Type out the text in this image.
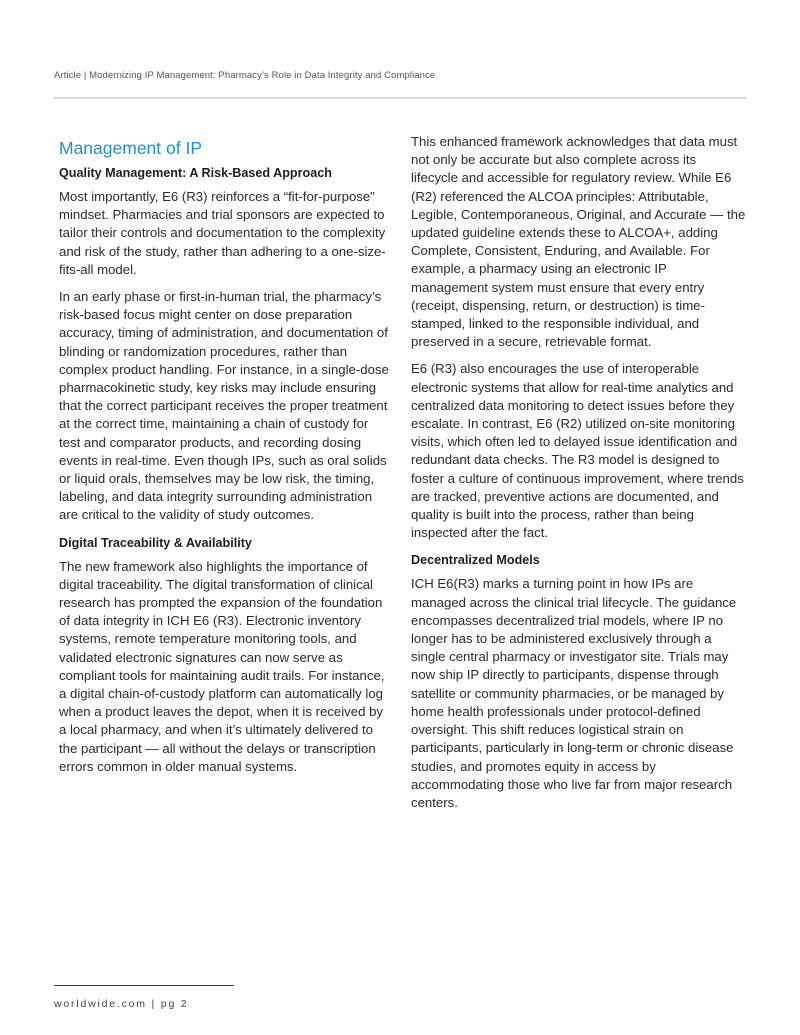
Article | Modernizing IP Management: Pharmacy’s Role in Data Integrity and Compliance
Management of IP
Quality Management: A Risk-Based Approach

Most importantly, E6 (R3) reinforces a “fit-for-purpose” mindset. Pharmacies and trial sponsors are expected to tailor their controls and documentation to the complexity and risk of the study, rather than adhering to a one-size-fits-all model.

In an early phase or first-in-human trial, the pharmacy’s risk-based focus might center on dose preparation accuracy, timing of administration, and documentation of blinding or randomization procedures, rather than complex product handling. For instance, in a single-dose pharmacokinetic study, key risks may include ensuring that the correct participant receives the proper treatment at the correct time, maintaining a chain of custody for test and comparator products, and recording dosing events in real-time. Even though IPs, such as oral solids or liquid orals, themselves may be low risk, the timing, labeling, and data integrity surrounding administration are critical to the validity of study outcomes.

Digital Traceability & Availability

The new framework also highlights the importance of digital traceability. The digital transformation of clinical research has prompted the expansion of the foundation of data integrity in ICH E6 (R3). Electronic inventory systems, remote temperature monitoring tools, and validated electronic signatures can now serve as compliant tools for maintaining audit trails. For instance, a digital chain-of-custody platform can automatically log when a product leaves the depot, when it is received by a local pharmacy, and when it’s ultimately delivered to the participant — all without the delays or transcription errors common in older manual systems.

This enhanced framework acknowledges that data must not only be accurate but also complete across its lifecycle and accessible for regulatory review. While E6 (R2) referenced the ALCOA principles: Attributable, Legible, Contemporaneous, Original, and Accurate — the updated guideline extends these to ALCOA+, adding Complete, Consistent, Enduring, and Available. For example, a pharmacy using an electronic IP management system must ensure that every entry (receipt, dispensing, return, or destruction) is time-stamped, linked to the responsible individual, and preserved in a secure, retrievable format.

E6 (R3) also encourages the use of interoperable electronic systems that allow for real-time analytics and centralized data monitoring to detect issues before they escalate. In contrast, E6 (R2) utilized on-site monitoring visits, which often led to delayed issue identification and redundant data checks. The R3 model is designed to foster a culture of continuous improvement, where trends are tracked, preventive actions are documented, and quality is built into the process, rather than being inspected after the fact.

Decentralized Models

ICH E6(R3) marks a turning point in how IPs are managed across the clinical trial lifecycle. The guidance encompasses decentralized trial models, where IP no longer has to be administered exclusively through a single central pharmacy or investigator site. Trials may now ship IP directly to participants, dispense through satellite or community pharmacies, or be managed by home health professionals under protocol-defined oversight. This shift reduces logistical strain on participants, particularly in long-term or chronic disease studies, and promotes equity in access by accommodating those who live far from major research centers.

worldwide.com | pg 2
